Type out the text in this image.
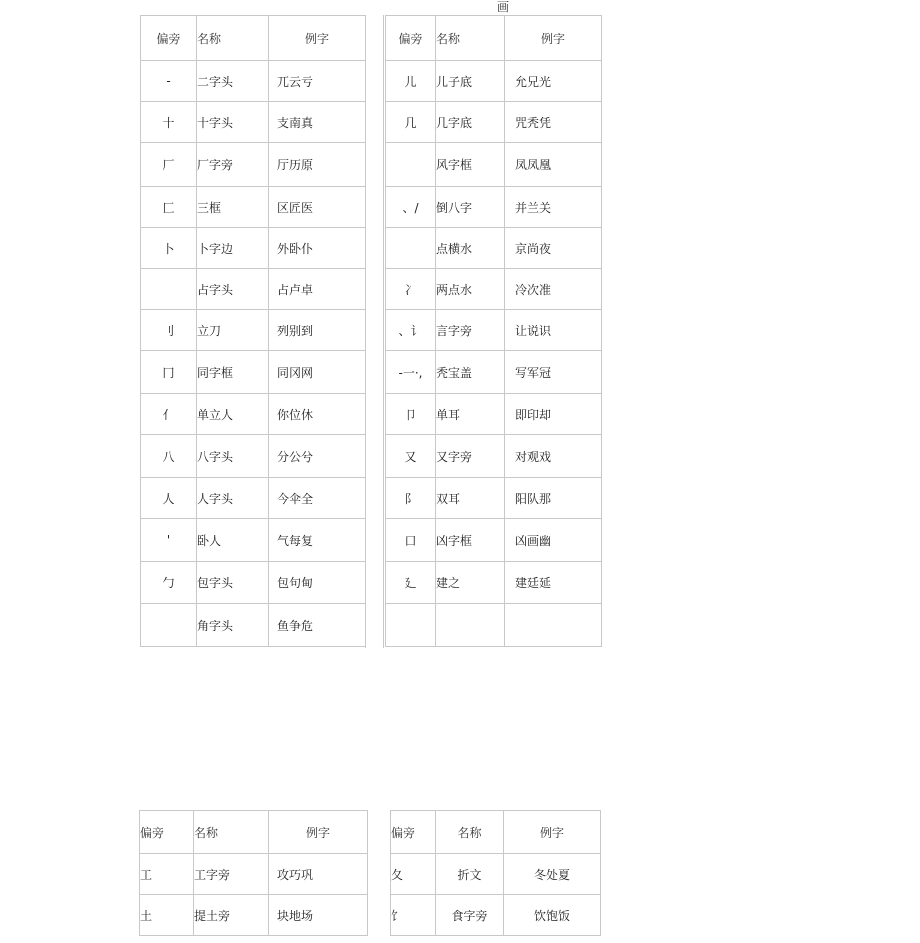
画
偏旁	名称	例字
-	二字头	兀云亏
十	十字头	支南真
厂	厂字旁	厅历原
匚	三框	区匠医
卜	卜字边	外卧仆
	占字头	占卢卓
刂	立刀	列别到
冂	同字框	同冈网
亻	单立人	你位休
八	八字头	分公兮
人	人字头	今伞全
'	卧人	气每复
勹	包字头	包句甸
	角字头	鱼争危
偏旁	名称	例字
儿	儿子底	允兄光
几	几字底	咒秃凭
	风字框	凤凤凰
、/	倒八字	并兰关
	点横水	京尚夜
冫	两点水	冷次准
、讠	言字旁	让说识
-一·,	秃宝盖	写军冠
卩	单耳	即印却
又	又字旁	对观戏
阝	双耳	阳队那
口	凶字框	凶画幽
廴	建之	建廷延

偏旁	名称	例字
工	工字旁	攻巧巩
土	提土旁	块地场
偏旁	名称	例字
夂	折文	冬处夏
饣	食字旁	饮饱饭
